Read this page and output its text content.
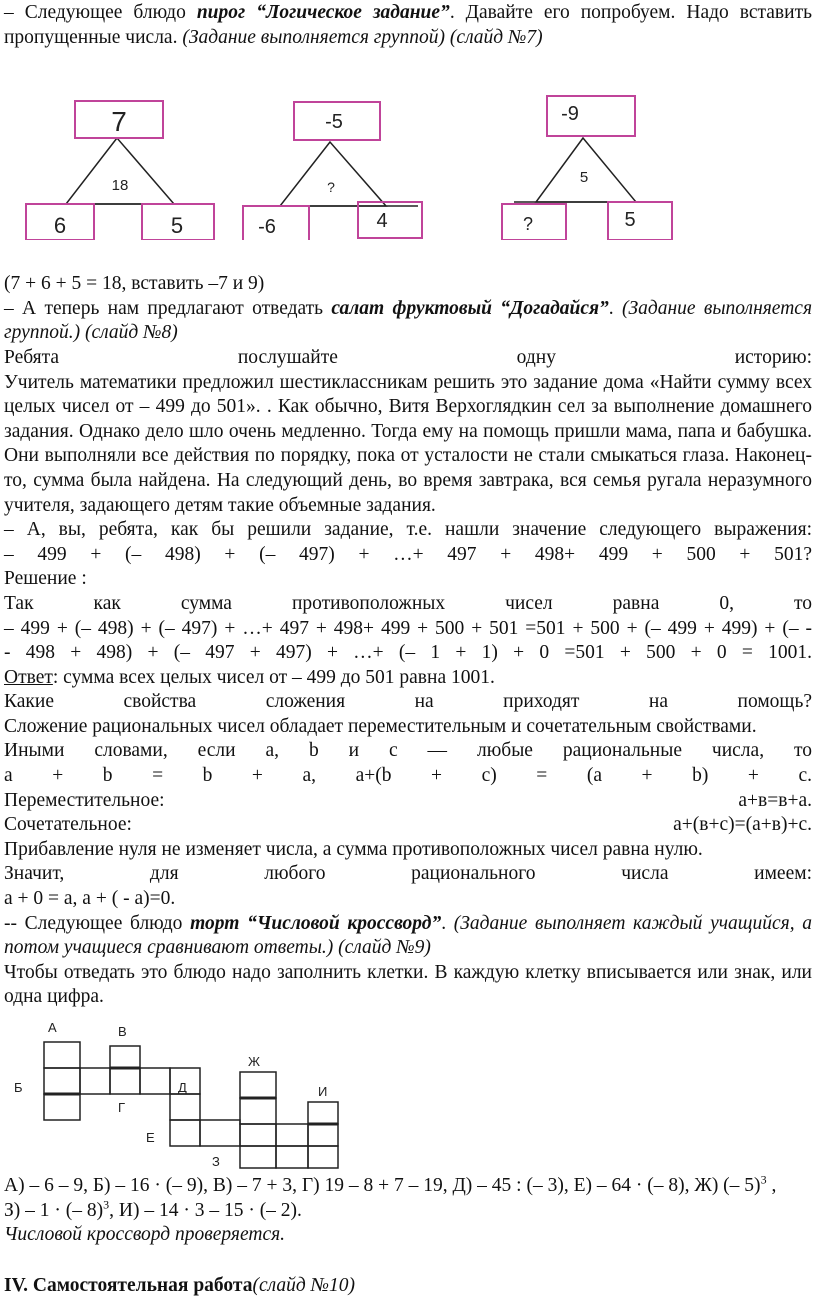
– Следующее блюдо пирог “Логическое задание”. Давайте его попробуем. Надо вставить пропущенные числа. (Задание выполняется группой) (слайд №7)

7
18
6	5
-5
?
-6	4
-9
5
?	5

(7 + 6 + 5 = 18, вставить –7 и 9)

– А теперь нам предлагают отведать салат фруктовый “Догадайся”. (Задание выполняется группой.) (слайд №8)

Ребята послушайте одну историю:

Учитель математики предложил шестиклассникам решить это задание дома «Найти сумму всех целых чисел от – 499 до 501». . Как обычно, Витя Верхоглядкин сел за выполнение домашнего задания. Однако дело шло очень медленно. Тогда ему на помощь пришли мама, папа и бабушка. Они выполняли все действия по порядку, пока от усталости не стали смыкаться глаза. Наконец-то, сумма была найдена. На следующий день, во время завтрака, вся семья ругала неразумного учителя, задающего детям такие объемные задания.

– А, вы, ребята, как бы решили задание, т.е. нашли значение следующего выражения:

– 499 + (– 498) + (– 497) + …+ 497 + 498+ 499 + 500 + 501?

Решение :

Так как сумма противоположных чисел равна 0, то

– 499 + (– 498) + (– 497) + …+ 497 + 498+ 499 + 500 + 501 =501 + 500 + (– 499 + 499) + (– -

- 498 + 498) + (– 497 + 497) + …+ (– 1 + 1) + 0 =501 + 500 + 0 = 1001.

Ответ: сумма всех целых чисел от – 499 до 501 равна 1001.

Какие свойства сложения на приходят на помощь?

Сложение рациональных чисел обладает переместительным и сочетательным свойствами.

Иными словами, если a, b и c — любые рациональные числа, то

a + b = b + a, a+(b + c) = (a + b) + c.

Переместительное:	а+в=в+а.
Сочетательное:	а+(в+с)=(а+в)+с.

Прибавление нуля не изменяет числа, а сумма противоположных чисел равна нулю.

Значит, для любого рационального числа имеем:

a + 0 = a, a + ( - a)=0.

-- Следующее блюдо торт “Числовой кроссворд”. (Задание выполняет каждый учащийся, а потом учащиеся сравнивают ответы.) (слайд №9)

Чтобы отведать это блюдо надо заполнить клетки. В каждую клетку вписывается или знак, или одна цифра.

А	В
Б
Г
Д
Е
Ж
З
И

А) – 6 – 9, Б) – 16 · (– 9), В) – 7 + 3, Г) 19 – 8 + 7 – 19, Д) – 45 : (– 3), Е) – 64 · (– 8), Ж) (– 5)$^3$ ,

З) – 1 · (– 8)$^3$, И) – 14 · 3 – 15 · (– 2).

Числовой кроссворд проверяется.

IV. Самостоятельная работа(слайд №10)
